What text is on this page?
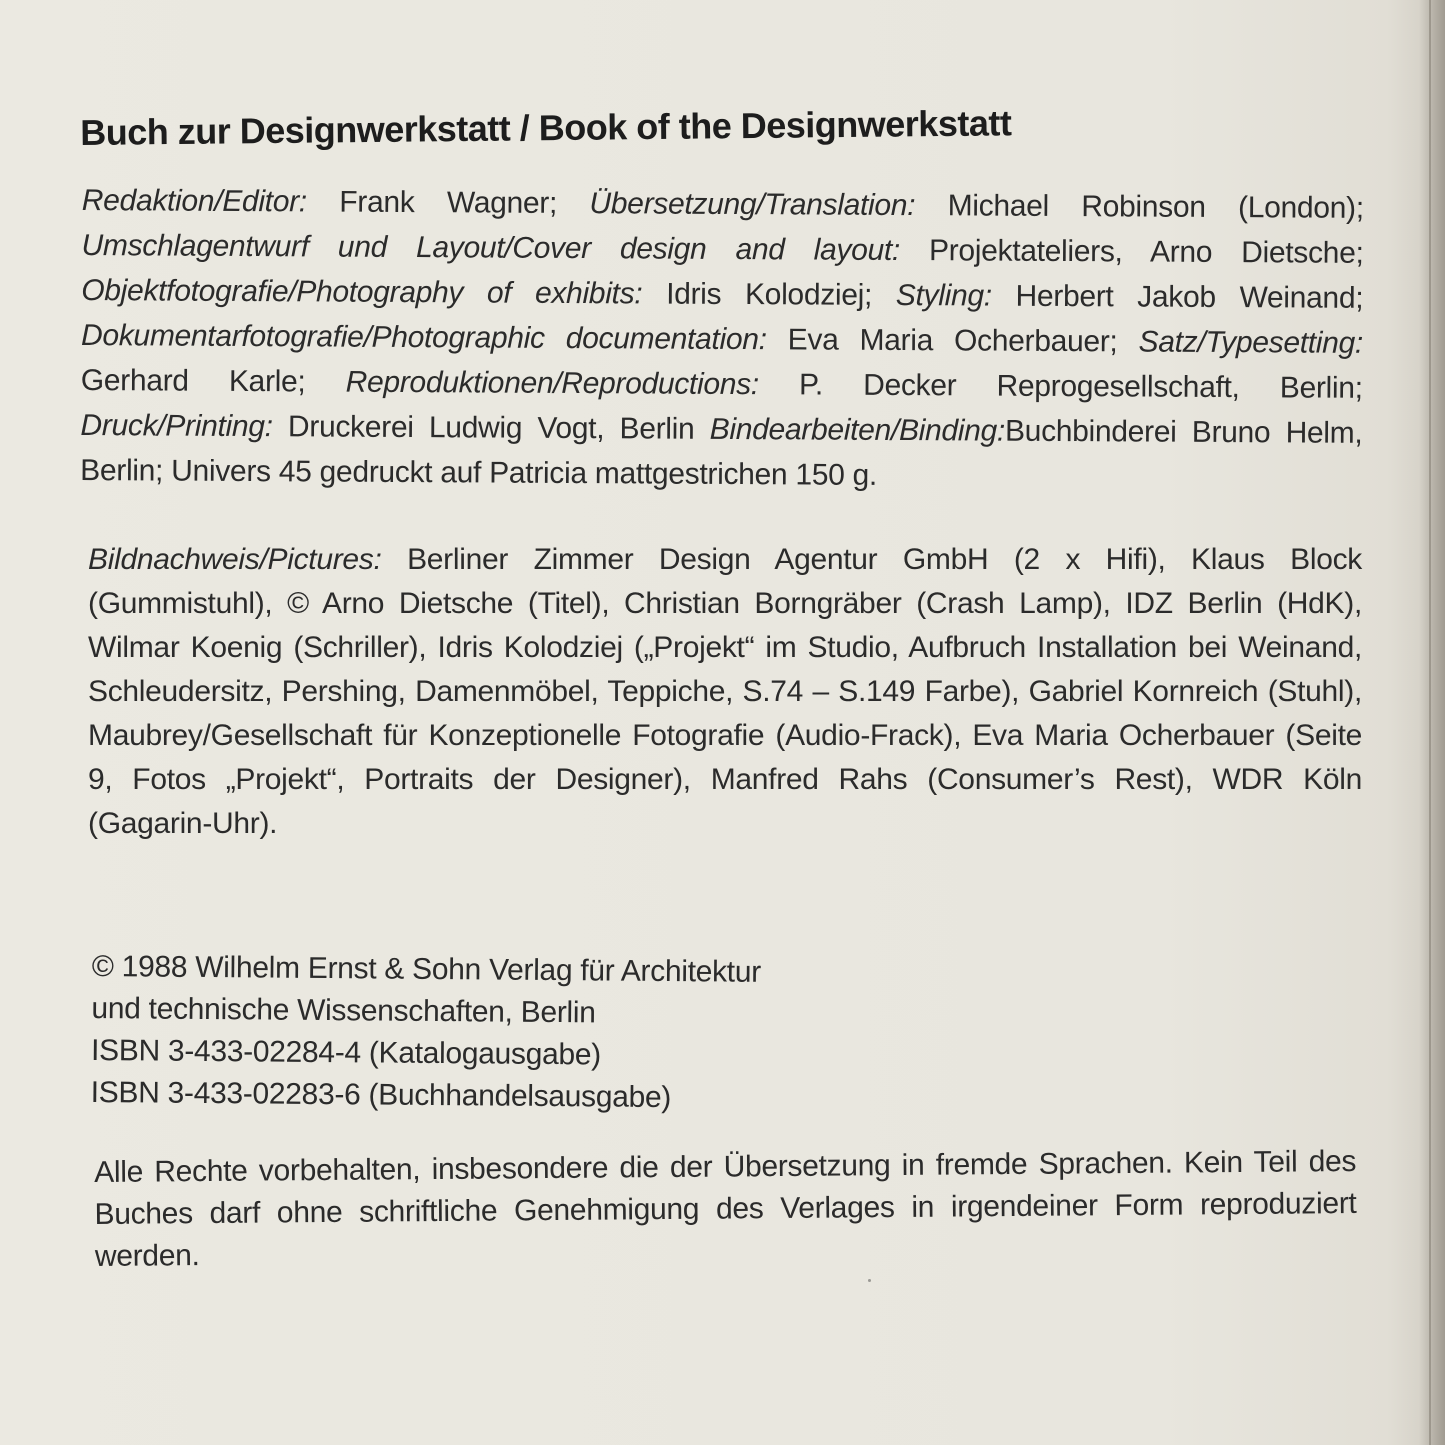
Buch zur Designwerkstatt / Book of the Designwerkstatt

Redaktion/Editor: Frank Wagner; Übersetzung/Translation: Michael Robinson (London); Umschlagentwurf und Layout/Cover design and layout: Projektateliers, Arno Dietsche; Objektfotografie/Photography of exhibits: Idris Kolodziej; Styling: Herbert Jakob Weinand; Dokumentarfotografie/Photographic documentation: Eva Maria Ocherbauer; Satz/Typesetting: Gerhard Karle; Reproduktionen/Reproductions: P. Decker Reprogesellschaft, Berlin; Druck/Printing: Druckerei Ludwig Vogt, Berlin Bindearbeiten/Binding:Buchbinderei Bruno Helm, Berlin; Univers 45 gedruckt auf Patricia mattgestrichen 150 g.

Bildnachweis/Pictures: Berliner Zimmer Design Agentur GmbH (2 x Hifi), Klaus Block (Gummistuhl), © Arno Dietsche (Titel), Christian Borngräber (Crash Lamp), IDZ Berlin (HdK), Wilmar Koenig (Schriller), Idris Kolodziej („Projekt“ im Studio, Aufbruch Installation bei Weinand, Schleudersitz, Pershing, Damenmöbel, Teppiche, S.74 – S.149 Farbe), Gabriel Kornreich (Stuhl), Maubrey/Gesellschaft für Konzeptionelle Fotografie (Audio-Frack), Eva Maria Ocherbauer (Seite 9, Fotos „Projekt“, Portraits der Designer), Manfred Rahs (Consumer’s Rest), WDR Köln (Gagarin-Uhr).

© 1988 Wilhelm Ernst & Sohn Verlag für Architektur
und technische Wissenschaften, Berlin
ISBN 3-433-02284-4 (Katalogausgabe)
ISBN 3-433-02283-6 (Buchhandelsausgabe)

Alle Rechte vorbehalten, insbesondere die der Übersetzung in fremde Sprachen. Kein Teil des Buches darf ohne schriftliche Genehmigung des Verlages in irgendeiner Form reproduziert werden.
